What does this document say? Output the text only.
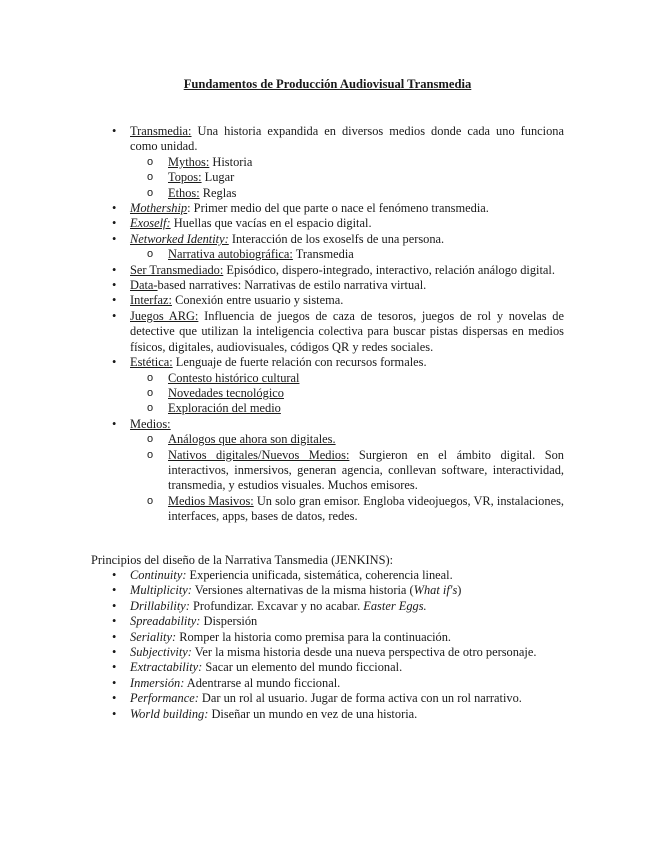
Fundamentos de Producción Audiovisual Transmedia
• Transmedia: Una historia expandida en diversos medios donde cada uno funciona como unidad.
o Mythos: Historia
o Topos: Lugar
o Ethos: Reglas
• Mothership: Primer medio del que parte o nace el fenómeno transmedia.
• Exoself: Huellas que vacías en el espacio digital.
• Networked Identity: Interacción de los exoselfs de una persona.
o Narrativa autobiográfica: Transmedia
• Ser Transmediado: Episódico, dispero-integrado, interactivo, relación análogo digital.
• Data-based narratives: Narrativas de estilo narrativa virtual.
• Interfaz: Conexión entre usuario y sistema.
• Juegos ARG: Influencia de juegos de caza de tesoros, juegos de rol y novelas de detective que utilizan la inteligencia colectiva para buscar pistas dispersas en medios físicos, digitales, audiovisuales, códigos QR y redes sociales.
• Estética: Lenguaje de fuerte relación con recursos formales.
o Contesto histórico cultural
o Novedades tecnológico
o Exploración del medio
• Medios:
o Análogos que ahora son digitales.
o Nativos digitales/Nuevos Medios: Surgieron en el ámbito digital. Son interactivos, inmersivos, generan agencia, conllevan software, interactividad, transmedia, y estudios visuales. Muchos emisores.
o Medios Masivos: Un solo gran emisor. Engloba videojuegos, VR, instalaciones, interfaces, apps, bases de datos, redes.
Principios del diseño de la Narrativa Tansmedia (JENKINS):
• Continuity: Experiencia unificada, sistemática, coherencia lineal.
• Multiplicity: Versiones alternativas de la misma historia (What if's)
• Drillability: Profundizar. Excavar y no acabar. Easter Eggs.
• Spreadability: Dispersión
• Seriality: Romper la historia como premisa para la continuación.
• Subjectivity: Ver la misma historia desde una nueva perspectiva de otro personaje.
• Extractability: Sacar un elemento del mundo ficcional.
• Inmersión: Adentrarse al mundo ficcional.
• Performance: Dar un rol al usuario. Jugar de forma activa con un rol narrativo.
• World building: Diseñar un mundo en vez de una historia.
